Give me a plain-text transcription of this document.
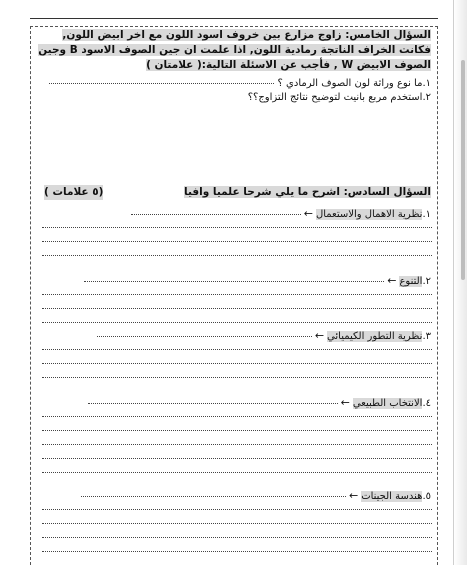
السؤال الخامس: زاوج مزارع بين خروف اسود اللون مع اخر ابيض اللون, فكانت الخراف الناتجة رمادية اللون, اذا علمت ان جين الصوف الاسود B وجين الصوف الابيض W , فأجب عن الاسئلة التالية:( علامتان )
١.ما نوع وراثة لون الصوف الرمادي ؟
٢.استخدم مربع بانيت لتوضيح نتائج التزاوج؟؟
السؤال السادس: اشرح ما يلي شرحا علميا وافيا
(٥ علامات )
١.نظرية الاهمال والاستعمال←
٢.التنوع←
٣.نظرية التطور الكيميائي←
٤.الانتخاب الطبيعي←
٥.هندسة الجينات←
